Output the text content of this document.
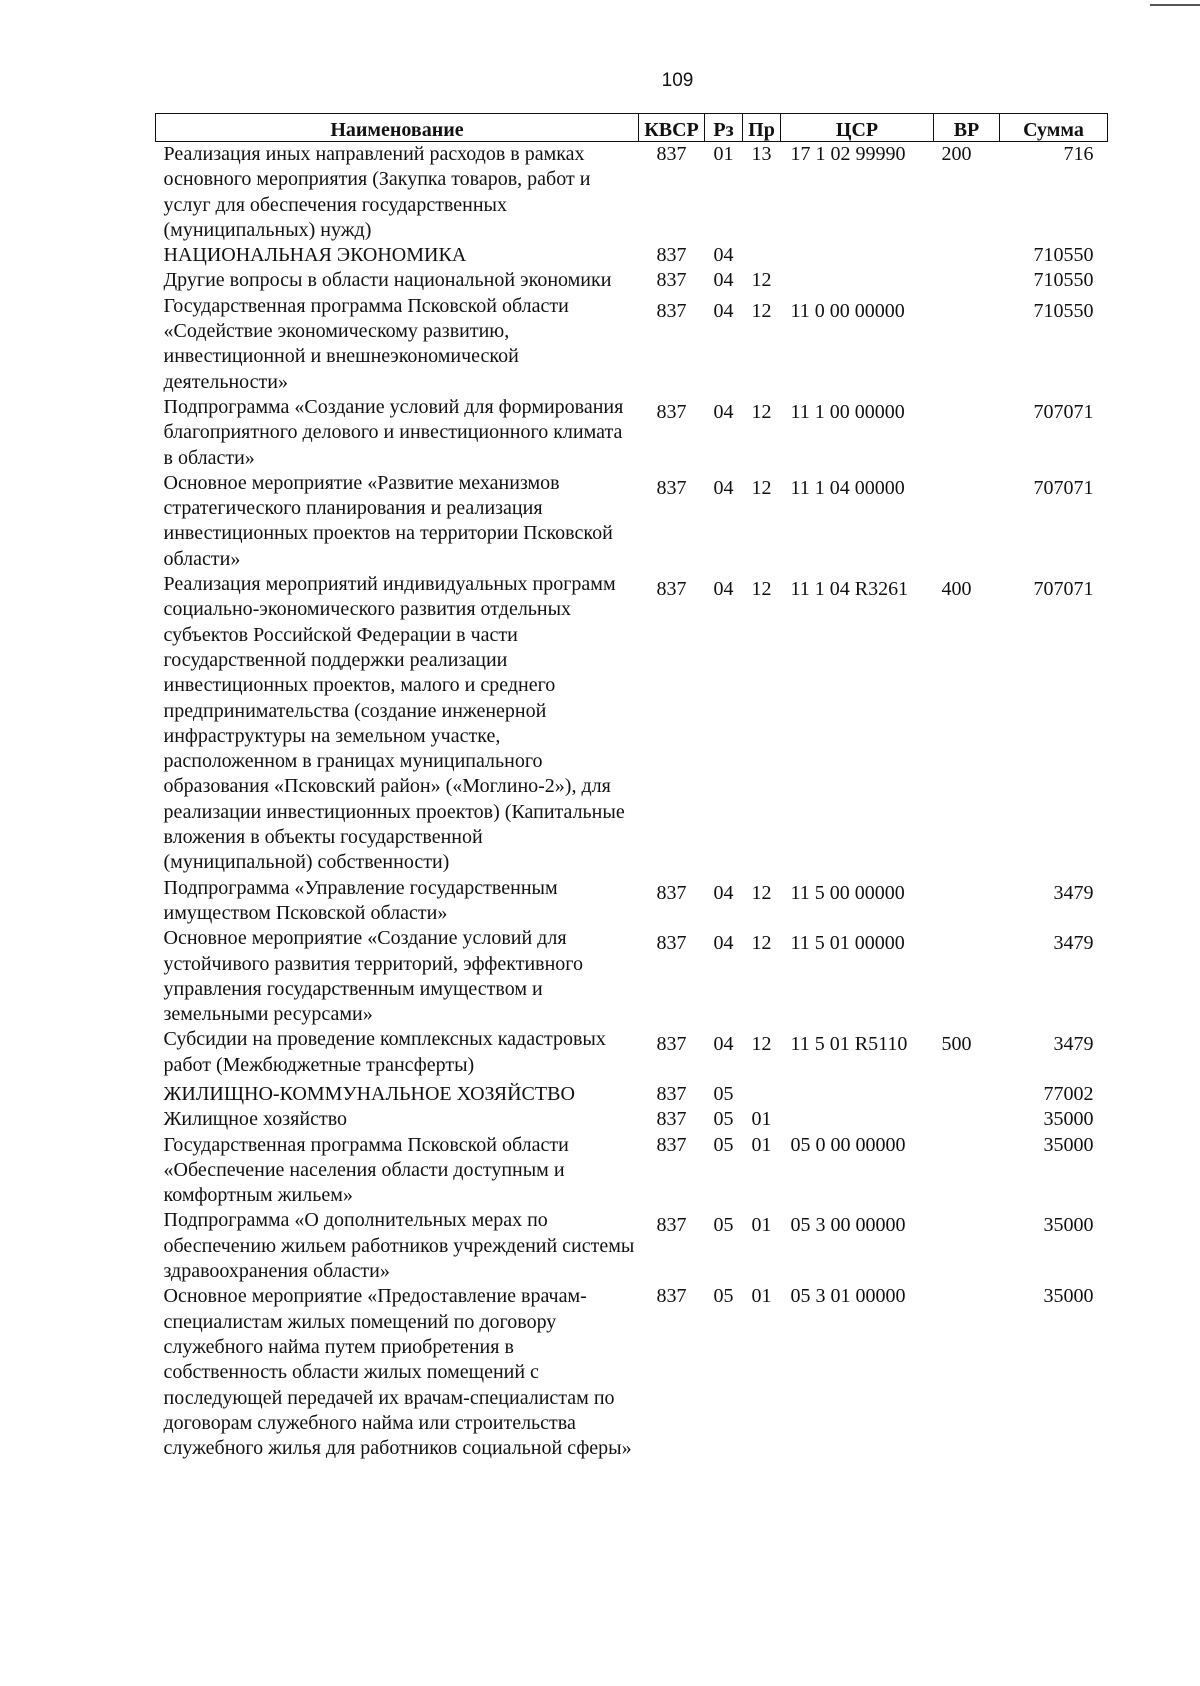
109
Наименование	КВСР	Рз	Пр	ЦСР	ВР	Сумма
Реализация иных направлений расходов в рамках основного мероприятия (Закупка товаров, работ и услуг для обеспечения государственных (муниципальных) нужд)	837	01	13	17 1 02 99990	200	716
НАЦИОНАЛЬНАЯ ЭКОНОМИКА	837	04				710550
Другие вопросы в области национальной экономики	837	04	12			710550
Государственная программа Псковской области «Содействие экономическому развитию, инвестиционной и внешнеэкономической деятельности»	837	04	12	11 0 00 00000		710550
Подпрограмма «Создание условий для формирования благоприятного делового и инвестиционного климата в области»	837	04	12	11 1 00 00000		707071
Основное мероприятие «Развитие механизмов стратегического планирования и реализация инвестиционных проектов на территории Псковской области»	837	04	12	11 1 04 00000		707071
Реализация мероприятий индивидуальных программ социально-экономического развития отдельных субъектов Российской Федерации в части государственной поддержки реализации инвестиционных проектов, малого и среднего предпринимательства (создание инженерной инфраструктуры на земельном участке, расположенном в границах муниципального образования «Псковский район» («Моглино-2»), для реализации инвестиционных проектов) (Капитальные вложения в объекты государственной (муниципальной) собственности)	837	04	12	11 1 04 R3261	400	707071
Подпрограмма «Управление государственным имуществом Псковской области»	837	04	12	11 5 00 00000		3479
Основное мероприятие «Создание условий для устойчивого развития территорий, эффективного управления государственным имуществом и земельными ресурсами»	837	04	12	11 5 01 00000		3479
Субсидии на проведение комплексных кадастровых работ (Межбюджетные трансферты)	837	04	12	11 5 01 R5110	500	3479
ЖИЛИЩНО-КОММУНАЛЬНОЕ ХОЗЯЙСТВО	837	05				77002
Жилищное хозяйство	837	05	01			35000
Государственная программа Псковской области «Обеспечение населения области доступным и комфортным жильем»	837	05	01	05 0 00 00000		35000
Подпрограмма «О дополнительных мерах по обеспечению жильем работников учреждений системы здравоохранения области»	837	05	01	05 3 00 00000		35000
Основное мероприятие «Предоставление врачам-специалистам жилых помещений по договору служебного найма путем приобретения в собственность области жилых помещений с последующей передачей их врачам-специалистам по договорам служебного найма или строительства служебного жилья для работников социальной сферы»	837	05	01	05 3 01 00000		35000
